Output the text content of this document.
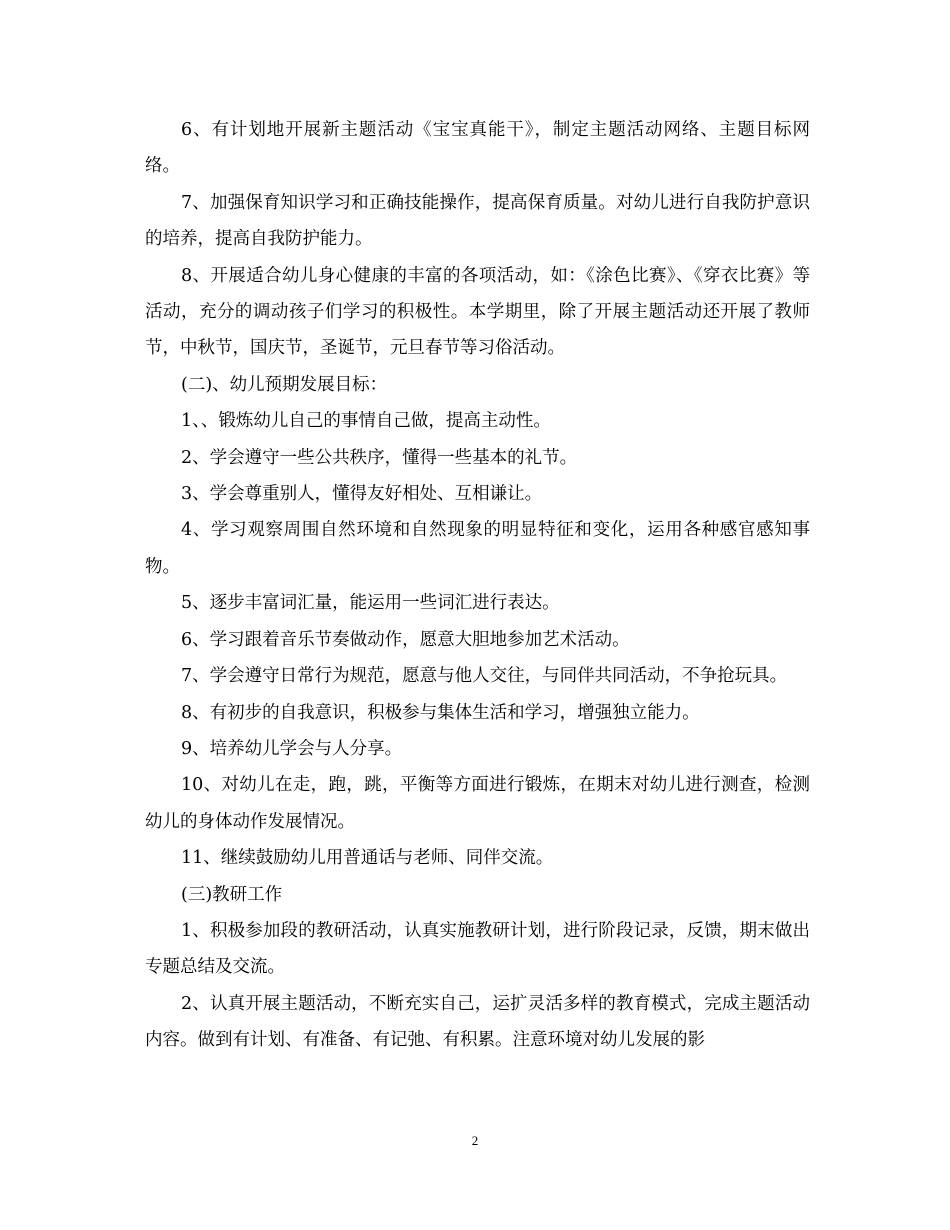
6、有计划地开展新主题活动《宝宝真能干》，制定主题活动网络、主题目标网络。

7、加强保育知识学习和正确技能操作，提高保育质量。对幼儿进行自我防护意识的培养，提高自我防护能力。

8、开展适合幼儿身心健康的丰富的各项活动，如：《涂色比赛》、《穿衣比赛》等活动，充分的调动孩子们学习的积极性。本学期里，除了开展主题活动还开展了教师节，中秋节，国庆节，圣诞节，元旦春节等习俗活动。

(二)、幼儿预期发展目标：

1、、锻炼幼儿自己的事情自己做，提高主动性。

2、学会遵守一些公共秩序，懂得一些基本的礼节。

3、学会尊重别人，懂得友好相处、互相谦让。

4、学习观察周围自然环境和自然现象的明显特征和变化，运用各种感官感知事物。

5、逐步丰富词汇量，能运用一些词汇进行表达。

6、学习跟着音乐节奏做动作，愿意大胆地参加艺术活动。

7、学会遵守日常行为规范，愿意与他人交往，与同伴共同活动，不争抢玩具。

8、有初步的自我意识，积极参与集体生活和学习，增强独立能力。

9、培养幼儿学会与人分享。

10、对幼儿在走，跑，跳，平衡等方面进行锻炼，在期末对幼儿进行测查，检测幼儿的身体动作发展情况。

11、继续鼓励幼儿用普通话与老师、同伴交流。

(三)教研工作

1、积极参加段的教研活动，认真实施教研计划，进行阶段记录，反馈，期末做出专题总结及交流。

2、认真开展主题活动，不断充实自己，运扩灵活多样的教育模式，完成主题活动内容。做到有计划、有准备、有记弛、有积累。注意环境对幼儿发展的影

2
